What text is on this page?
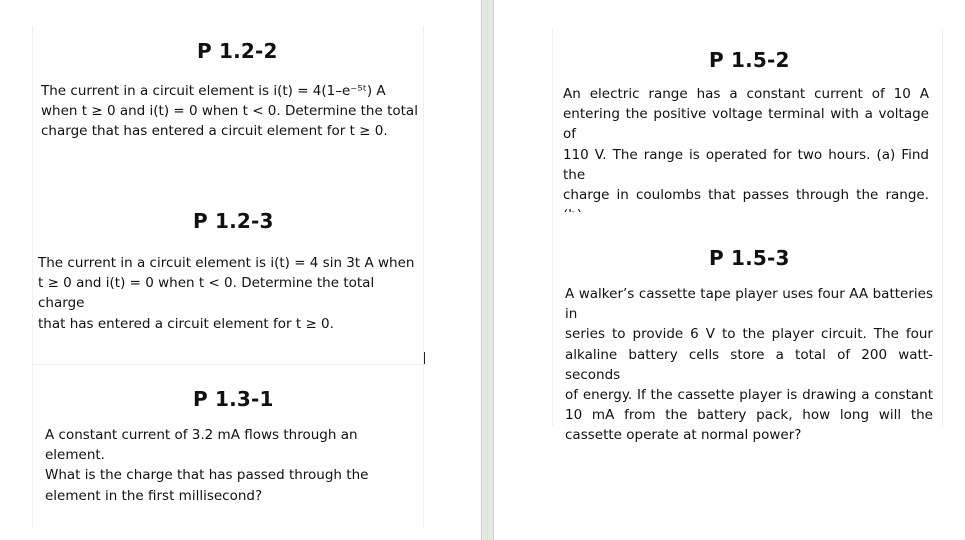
P 1.2-2
The current in a circuit element is i(t) = 4(1–e⁻⁵ᵗ) A
when t ≥ 0 and i(t) = 0 when t < 0. Determine the total
charge that has entered a circuit element for t ≥ 0.
P 1.2-3
The current in a circuit element is i(t) = 4 sin 3t A when
t ≥ 0 and i(t) = 0 when t < 0. Determine the total charge
that has entered a circuit element for t ≥ 0.
P 1.3-1
A constant current of 3.2 mA flows through an element.
What is the charge that has passed through the
element in the first millisecond?
P 1.5-2
An electric range has a constant current of 10 A
entering the positive voltage terminal with a voltage of
110 V. The range is operated for two hours. (a) Find the
charge in coulombs that passes through the range.
P 1.5-3
A walker’s cassette tape player uses four AA batteries in
series to provide 6 V to the player circuit. The four
alkaline battery cells store a total of 200 watt-seconds
of energy. If the cassette player is drawing a constant
10 mA from the battery pack, how long will the
cassette operate at normal power?
